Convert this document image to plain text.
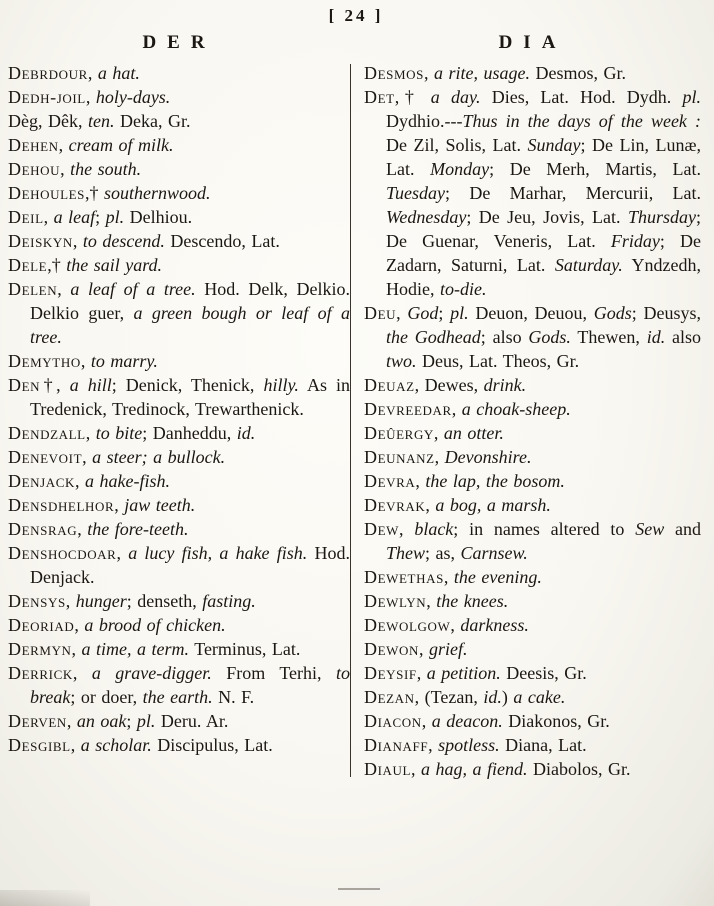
[ 24 ]
DER

Debrdour, a hat.

Dedh-joil, holy-days.

Dèg, Dêk, ten. Deka, Gr.

Dehen, cream of milk.

Dehou, the south.

Dehoules,† southernwood.

Deil, a leaf; pl. Delhiou.

Deiskyn, to descend. Descendo, Lat.

Dele,† the sail yard.

Delen, a leaf of a tree. Hod. Delk, Delkio. Delkio guer, a green bough or leaf of a tree.

Demytho, to marry.

Den†, a hill; Denick, Thenick, hilly. As in Tredenick, Tredinock, Trewarthenick.

Dendzall, to bite; Danheddu, id.

Denevoit, a steer; a bullock.

Denjack, a hake-fish.

Densdhelhor, jaw teeth.

Densrag, the fore-teeth.

Denshocdoar, a lucy fish, a hake fish. Hod. Denjack.

Densys, hunger; denseth, fasting.

Deoriad, a brood of chicken.

Dermyn, a time, a term. Terminus, Lat.

Derrick, a grave-digger. From Terhi, to break; or doer, the earth. N. F.

Derven, an oak; pl. Deru. Ar.

Desgibl, a scholar. Discipulus, Lat.

DIA

Desmos, a rite, usage. Desmos, Gr.

Det,† a day. Dies, Lat. Hod. Dydh. pl. Dydhio.---Thus in the days of the week : De Zil, Solis, Lat. Sunday; De Lin, Lunæ, Lat. Monday; De Merh, Martis, Lat. Tuesday; De Marhar, Mercurii, Lat. Wednesday; De Jeu, Jovis, Lat. Thursday; De Guenar, Veneris, Lat. Friday; De Zadarn, Saturni, Lat. Saturday. Yndzedh, Hodie, to-die.

Deu, God; pl. Deuon, Deuou, Gods; Deusys, the Godhead; also Gods. Thewen, id. also two. Deus, Lat. Theos, Gr.

Deuaz, Dewes, drink.

Devreedar, a choak-sheep.

Deûergy, an otter.

Deunanz, Devonshire.

Devra, the lap, the bosom.

Devrak, a bog, a marsh.

Dew, black; in names altered to Sew and Thew; as, Carnsew.

Dewethas, the evening.

Dewlyn, the knees.

Dewolgow, darkness.

Dewon, grief.

Deysif, a petition. Deesis, Gr.

Dezan, (Tezan, id.) a cake.

Diacon, a deacon. Diakonos, Gr.

Dianaff, spotless. Diana, Lat.

Diaul, a hag, a fiend. Diabolos, Gr.
